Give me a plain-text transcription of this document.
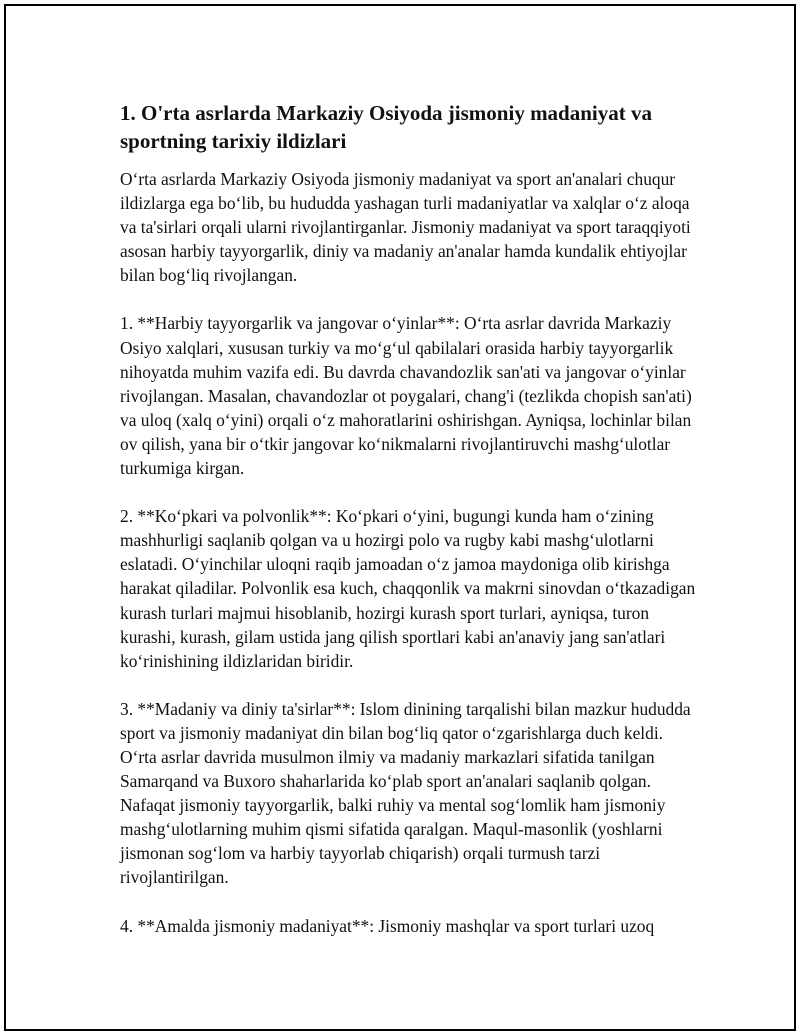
1. O'rta asrlarda Markaziy Osiyoda jismoniy madaniyat va sportning tarixiy ildizlari

O‘rta asrlarda Markaziy Osiyoda jismoniy madaniyat va sport an'analari chuqur ildizlarga ega bo‘lib, bu hududda yashagan turli madaniyatlar va xalqlar o‘z aloqa va ta'sirlari orqali ularni rivojlantirganlar. Jismoniy madaniyat va sport taraqqiyoti asosan harbiy tayyorgarlik, diniy va madaniy an'analar hamda kundalik ehtiyojlar bilan bog‘liq rivojlangan.

1. **Harbiy tayyorgarlik va jangovar o‘yinlar**: O‘rta asrlar davrida Markaziy Osiyo xalqlari, xususan turkiy va mo‘g‘ul qabilalari orasida harbiy tayyorgarlik nihoyatda muhim vazifa edi. Bu davrda chavandozlik san'ati va jangovar o‘yinlar rivojlangan. Masalan, chavandozlar ot poygalari, chang'i (tezlikda chopish san'ati) va uloq (xalq o‘yini) orqali o‘z mahoratlarini oshirishgan. Ayniqsa, lochinlar bilan ov qilish, yana bir o‘tkir jangovar ko‘nikmalarni rivojlantiruvchi mashg‘ulotlar turkumiga kirgan.

2. **Ko‘pkari va polvonlik**: Ko‘pkari o‘yini, bugungi kunda ham o‘zining mashhurligi saqlanib qolgan va u hozirgi polo va rugby kabi mashg‘ulotlarni eslatadi. O‘yinchilar uloqni raqib jamoadan o‘z jamoa maydoniga olib kirishga harakat qiladilar. Polvonlik esa kuch, chaqqonlik va makrni sinovdan o‘tkazadigan kurash turlari majmui hisoblanib, hozirgi kurash sport turlari, ayniqsa, turon kurashi, kurash, gilam ustida jang qilish sportlari kabi an'anaviy jang san'atlari ko‘rinishining ildizlaridan biridir.

3. **Madaniy va diniy ta'sirlar**: Islom dinining tarqalishi bilan mazkur hududda sport va jismoniy madaniyat din bilan bog‘liq qator o‘zgarishlarga duch keldi. O‘rta asrlar davrida musulmon ilmiy va madaniy markazlari sifatida tanilgan Samarqand va Buxoro shaharlarida ko‘plab sport an'analari saqlanib qolgan. Nafaqat jismoniy tayyorgarlik, balki ruhiy va mental sog‘lomlik ham jismoniy mashg‘ulotlarning muhim qismi sifatida qaralgan. Maqul-masonlik (yoshlarni jismonan sog‘lom va harbiy tayyorlab chiqarish) orqali turmush tarzi rivojlantirilgan.

4. **Amalda jismoniy madaniyat**: Jismoniy mashqlar va sport turlari uzoq
